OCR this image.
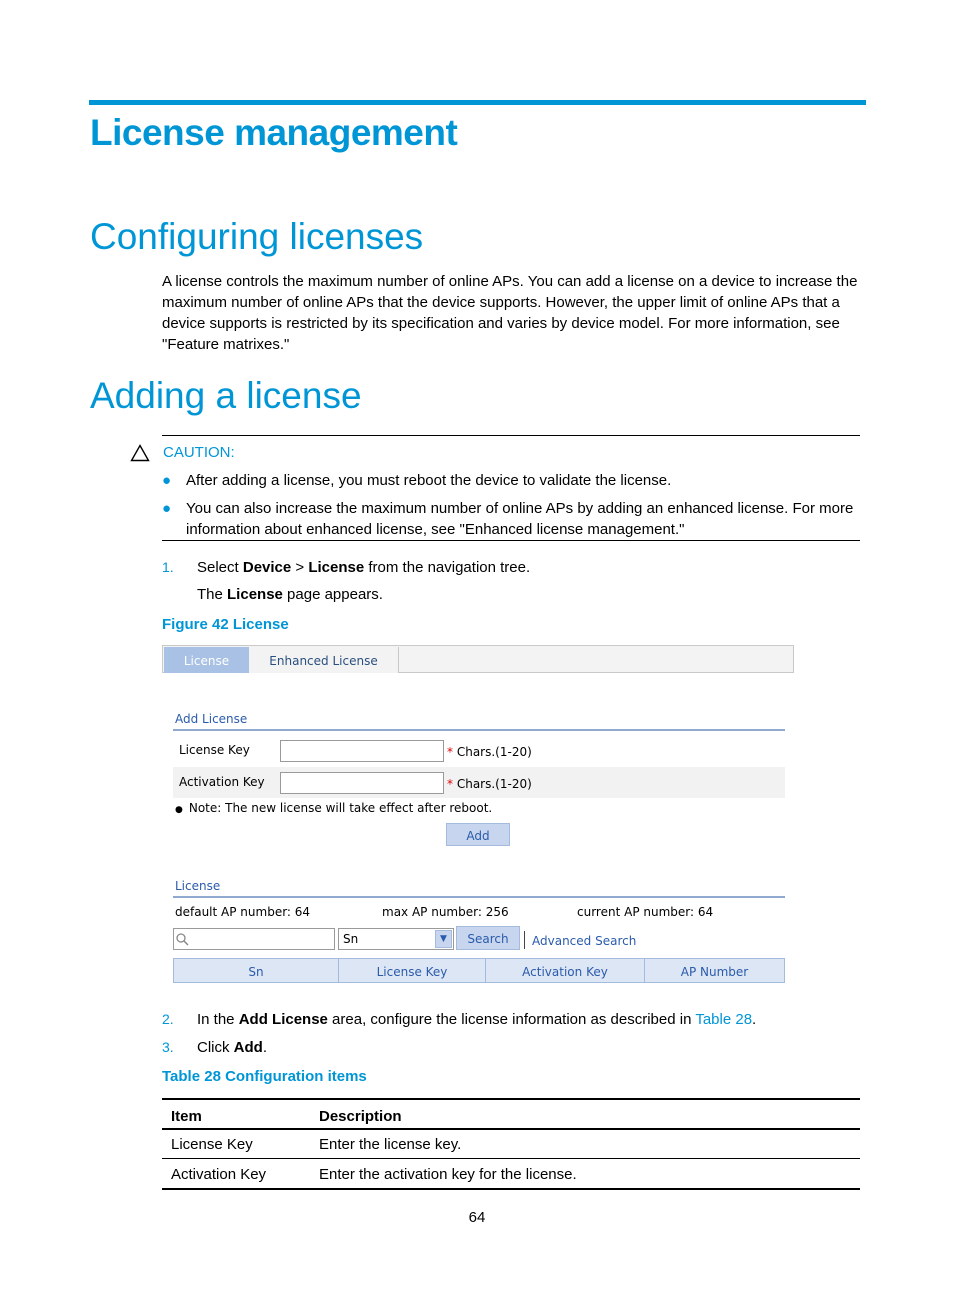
License management
Configuring licenses
A license controls the maximum number of online APs. You can add a license on a device to increase the
maximum number of online APs that the device supports. However, the upper limit of online APs that a
device supports is restricted by its specification and varies by device model. For more information, see
"Feature matrixes."
Adding a license
CAUTION:
● After adding a license, you must reboot the device to validate the license.
● You can also increase the maximum number of online APs by adding an enhanced license. For more
information about enhanced license, see "Enhanced license management."
1. Select Device > License from the navigation tree.
The License page appears.
Figure 42 License
License	Enhanced License
Add License
License Key	* Chars.(1-20)
Activation Key	* Chars.(1-20)
● Note: The new license will take effect after reboot.
Add
License
default AP number: 64	max AP number: 256	current AP number: 64
Sn	▼	Search	Advanced Search
Sn	License Key	Activation Key	AP Number
2. In the Add License area, configure the license information as described in Table 28.
3. Click Add.
Table 28 Configuration items
Item	Description
License Key	Enter the license key.
Activation Key	Enter the activation key for the license.
64
